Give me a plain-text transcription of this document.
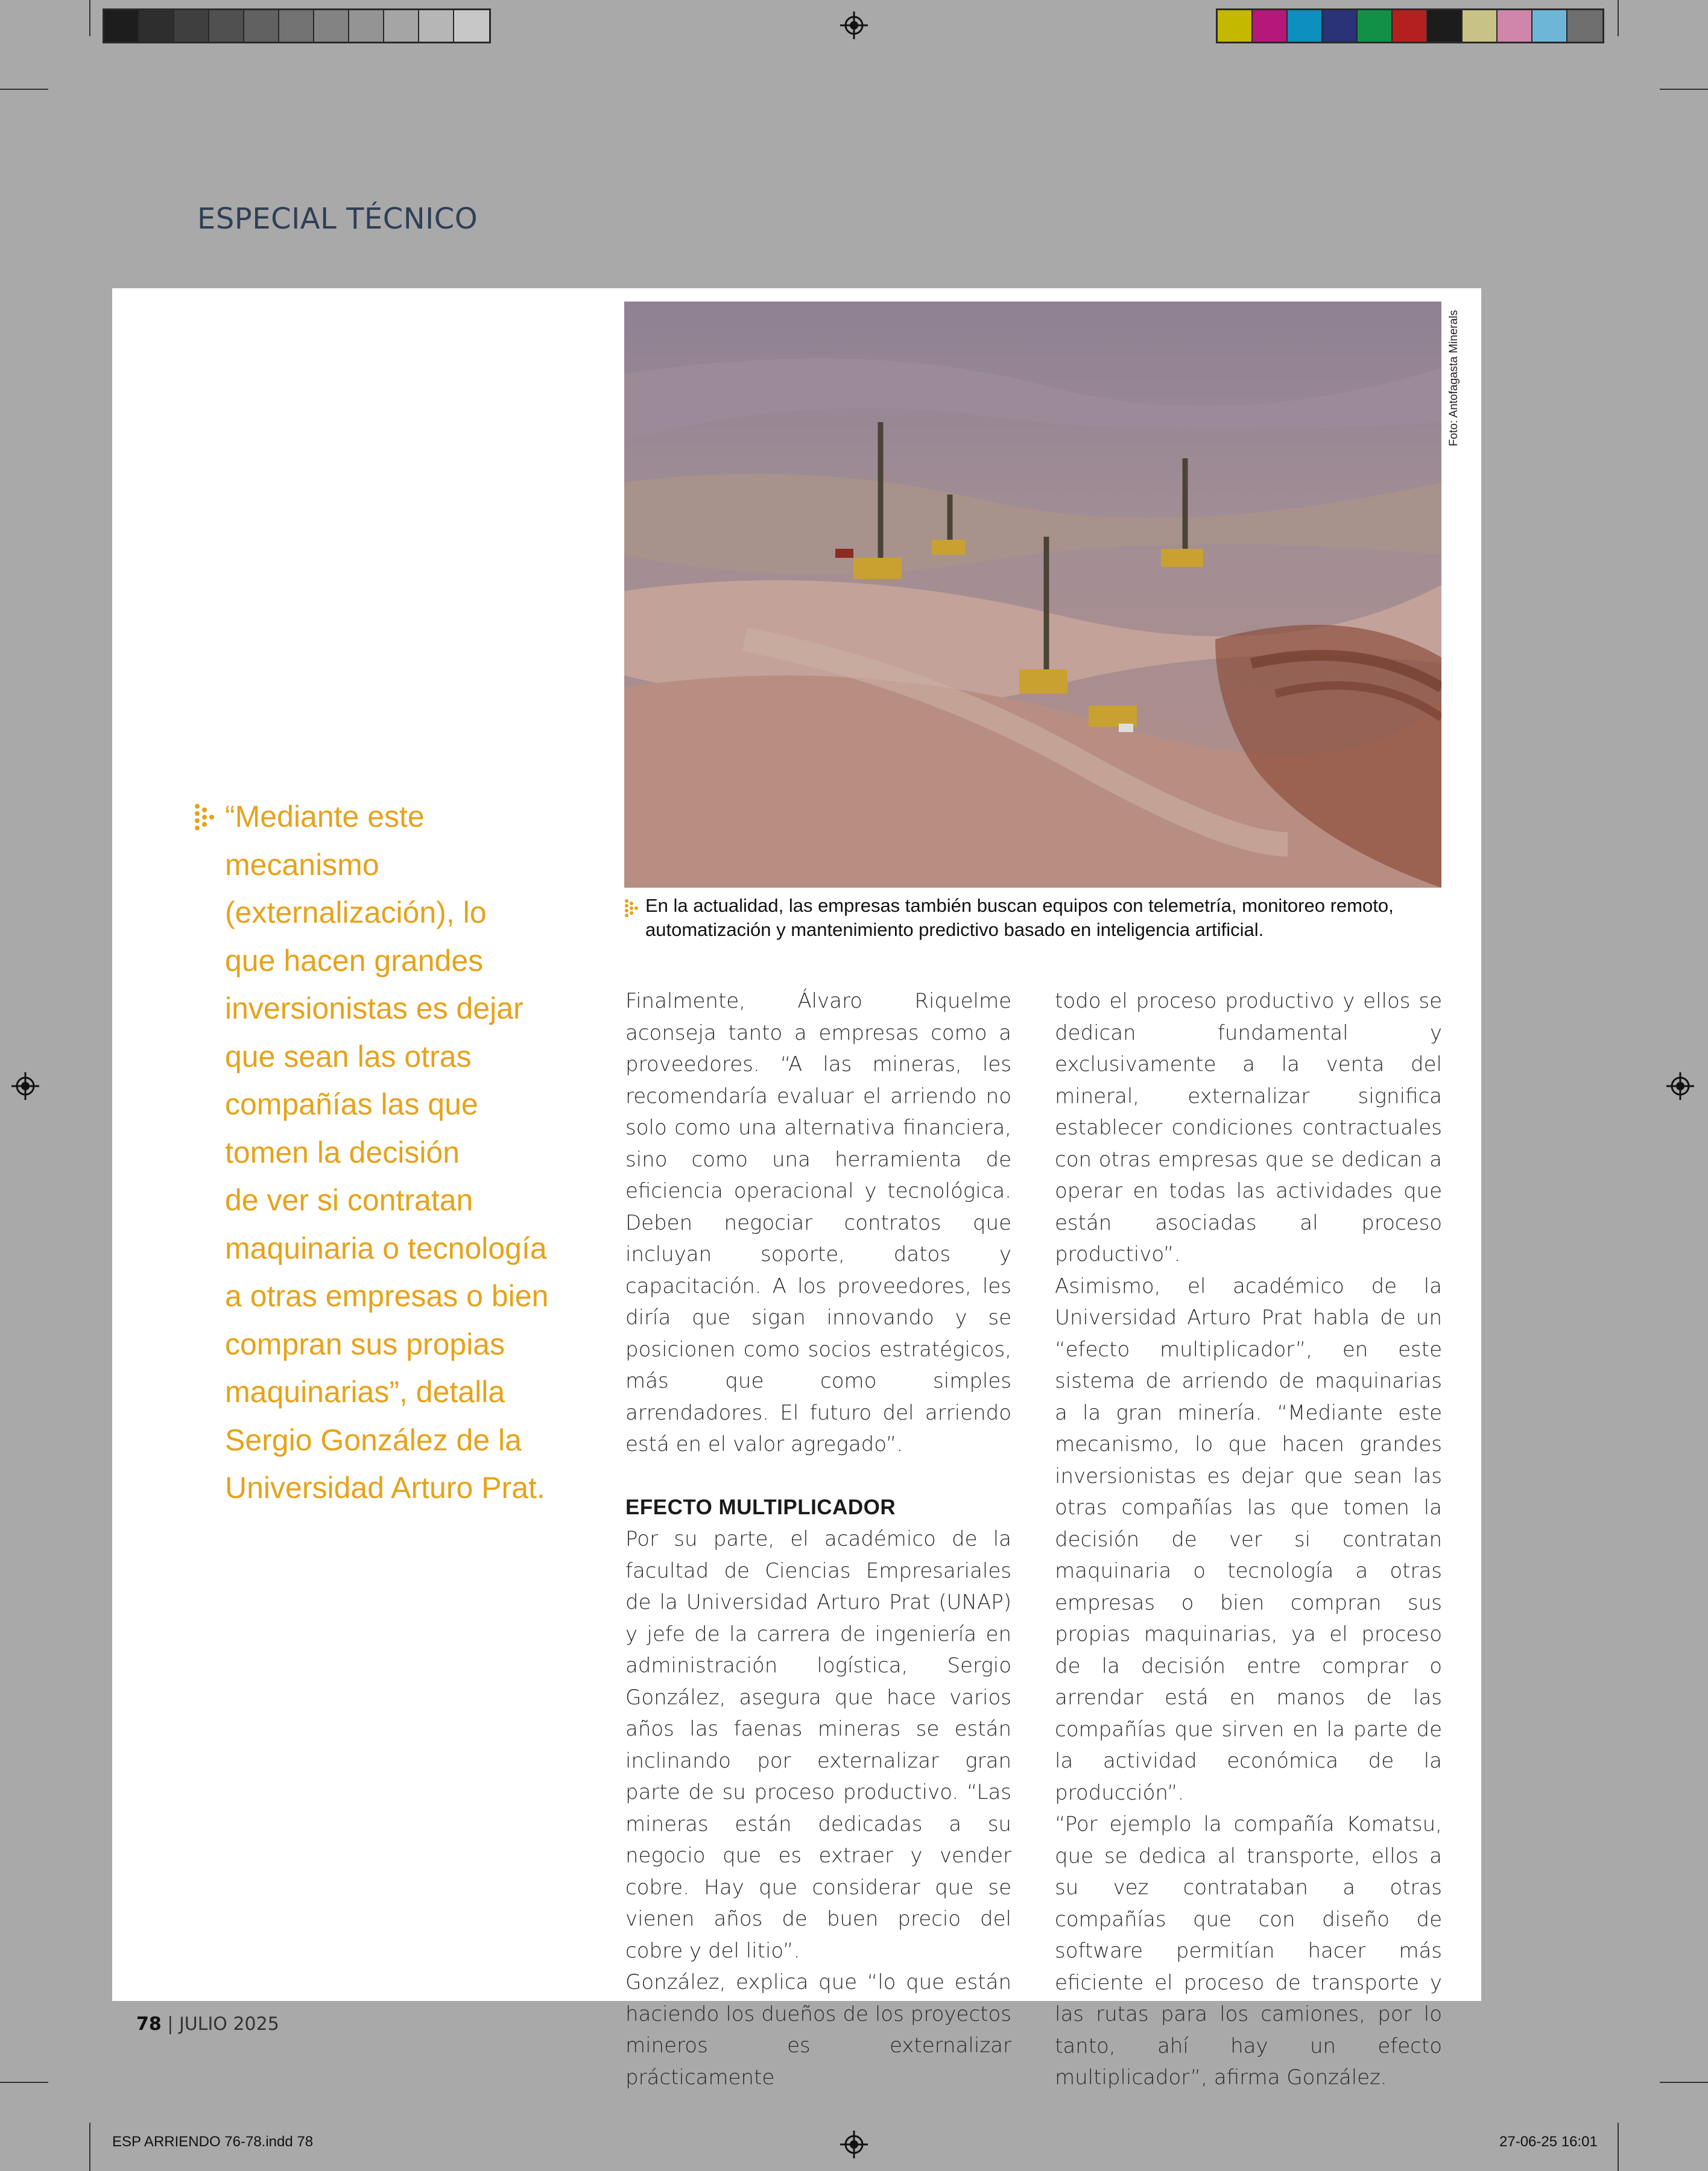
ESPECIAL TÉCNICO
En la actualidad, las empresas también buscan equipos con telemetría, monitoreo remoto,
automatización y mantenimiento predictivo basado en inteligencia artificial.
“Mediante este
mecanismo
(externalización), lo
que hacen grandes
inversionistas es dejar
que sean las otras
compañías las que
tomen la decisión
de ver si contratan
maquinaria o tecnología
a otras empresas o bien
compran sus propias
maquinarias”, detalla
Sergio González de la
Universidad Arturo Prat.

Finalmente, Álvaro Riquelme aconseja tanto a empresas como a proveedores. “A las mineras, les recomendaría evaluar el arriendo no solo como una alternativa financiera, sino como una herramienta de eficiencia operacional y tecnológica. Deben negociar contratos que incluyan soporte, datos y capacitación. A los proveedores, les diría que sigan innovando y se posicionen como socios estratégicos, más que como simples arrendadores. El futuro del arriendo está en el valor agregado”.

EFECTO MULTIPLICADOR

Por su parte, el académico de la facultad de Ciencias Empresariales de la Universidad Arturo Prat (UNAP) y jefe de la carrera de ingeniería en administración logística, Sergio González, asegura que hace varios años las faenas mineras se están inclinando por externalizar gran parte de su proceso productivo. “Las mineras están dedicadas a su negocio que es extraer y vender cobre. Hay que considerar que se vienen años de buen precio del cobre y del litio”.

González, explica que “lo que están haciendo los dueños de los proyectos mineros es externalizar prácticamente

todo el proceso productivo y ellos se dedican fundamental y exclusivamente a la venta del mineral, externalizar significa establecer condiciones contractuales con otras empresas que se dedican a operar en todas las actividades que están asociadas al proceso productivo”.

Asimismo, el académico de la Universidad Arturo Prat habla de un “efecto multiplicador”, en este sistema de arriendo de maquinarias a la gran minería. “Mediante este mecanismo, lo que hacen grandes inversionistas es dejar que sean las otras compañías las que tomen la decisión de ver si contratan maquinaria o tecnología a otras empresas o bien compran sus propias maquinarias, ya el proceso de la decisión entre comprar o arrendar está en manos de las compañías que sirven en la parte de la actividad económica de la producción”.

“Por ejemplo la compañía Komatsu, que se dedica al transporte, ellos a su vez contrataban a otras compañías que con diseño de software permitían hacer más eficiente el proceso de transporte y las rutas para los camiones, por lo tanto, ahí hay un efecto multiplicador”, afirma González.

78 | JULIO 2025
ESP ARRIENDO 76-78.indd 78	27-06-25 16:01
